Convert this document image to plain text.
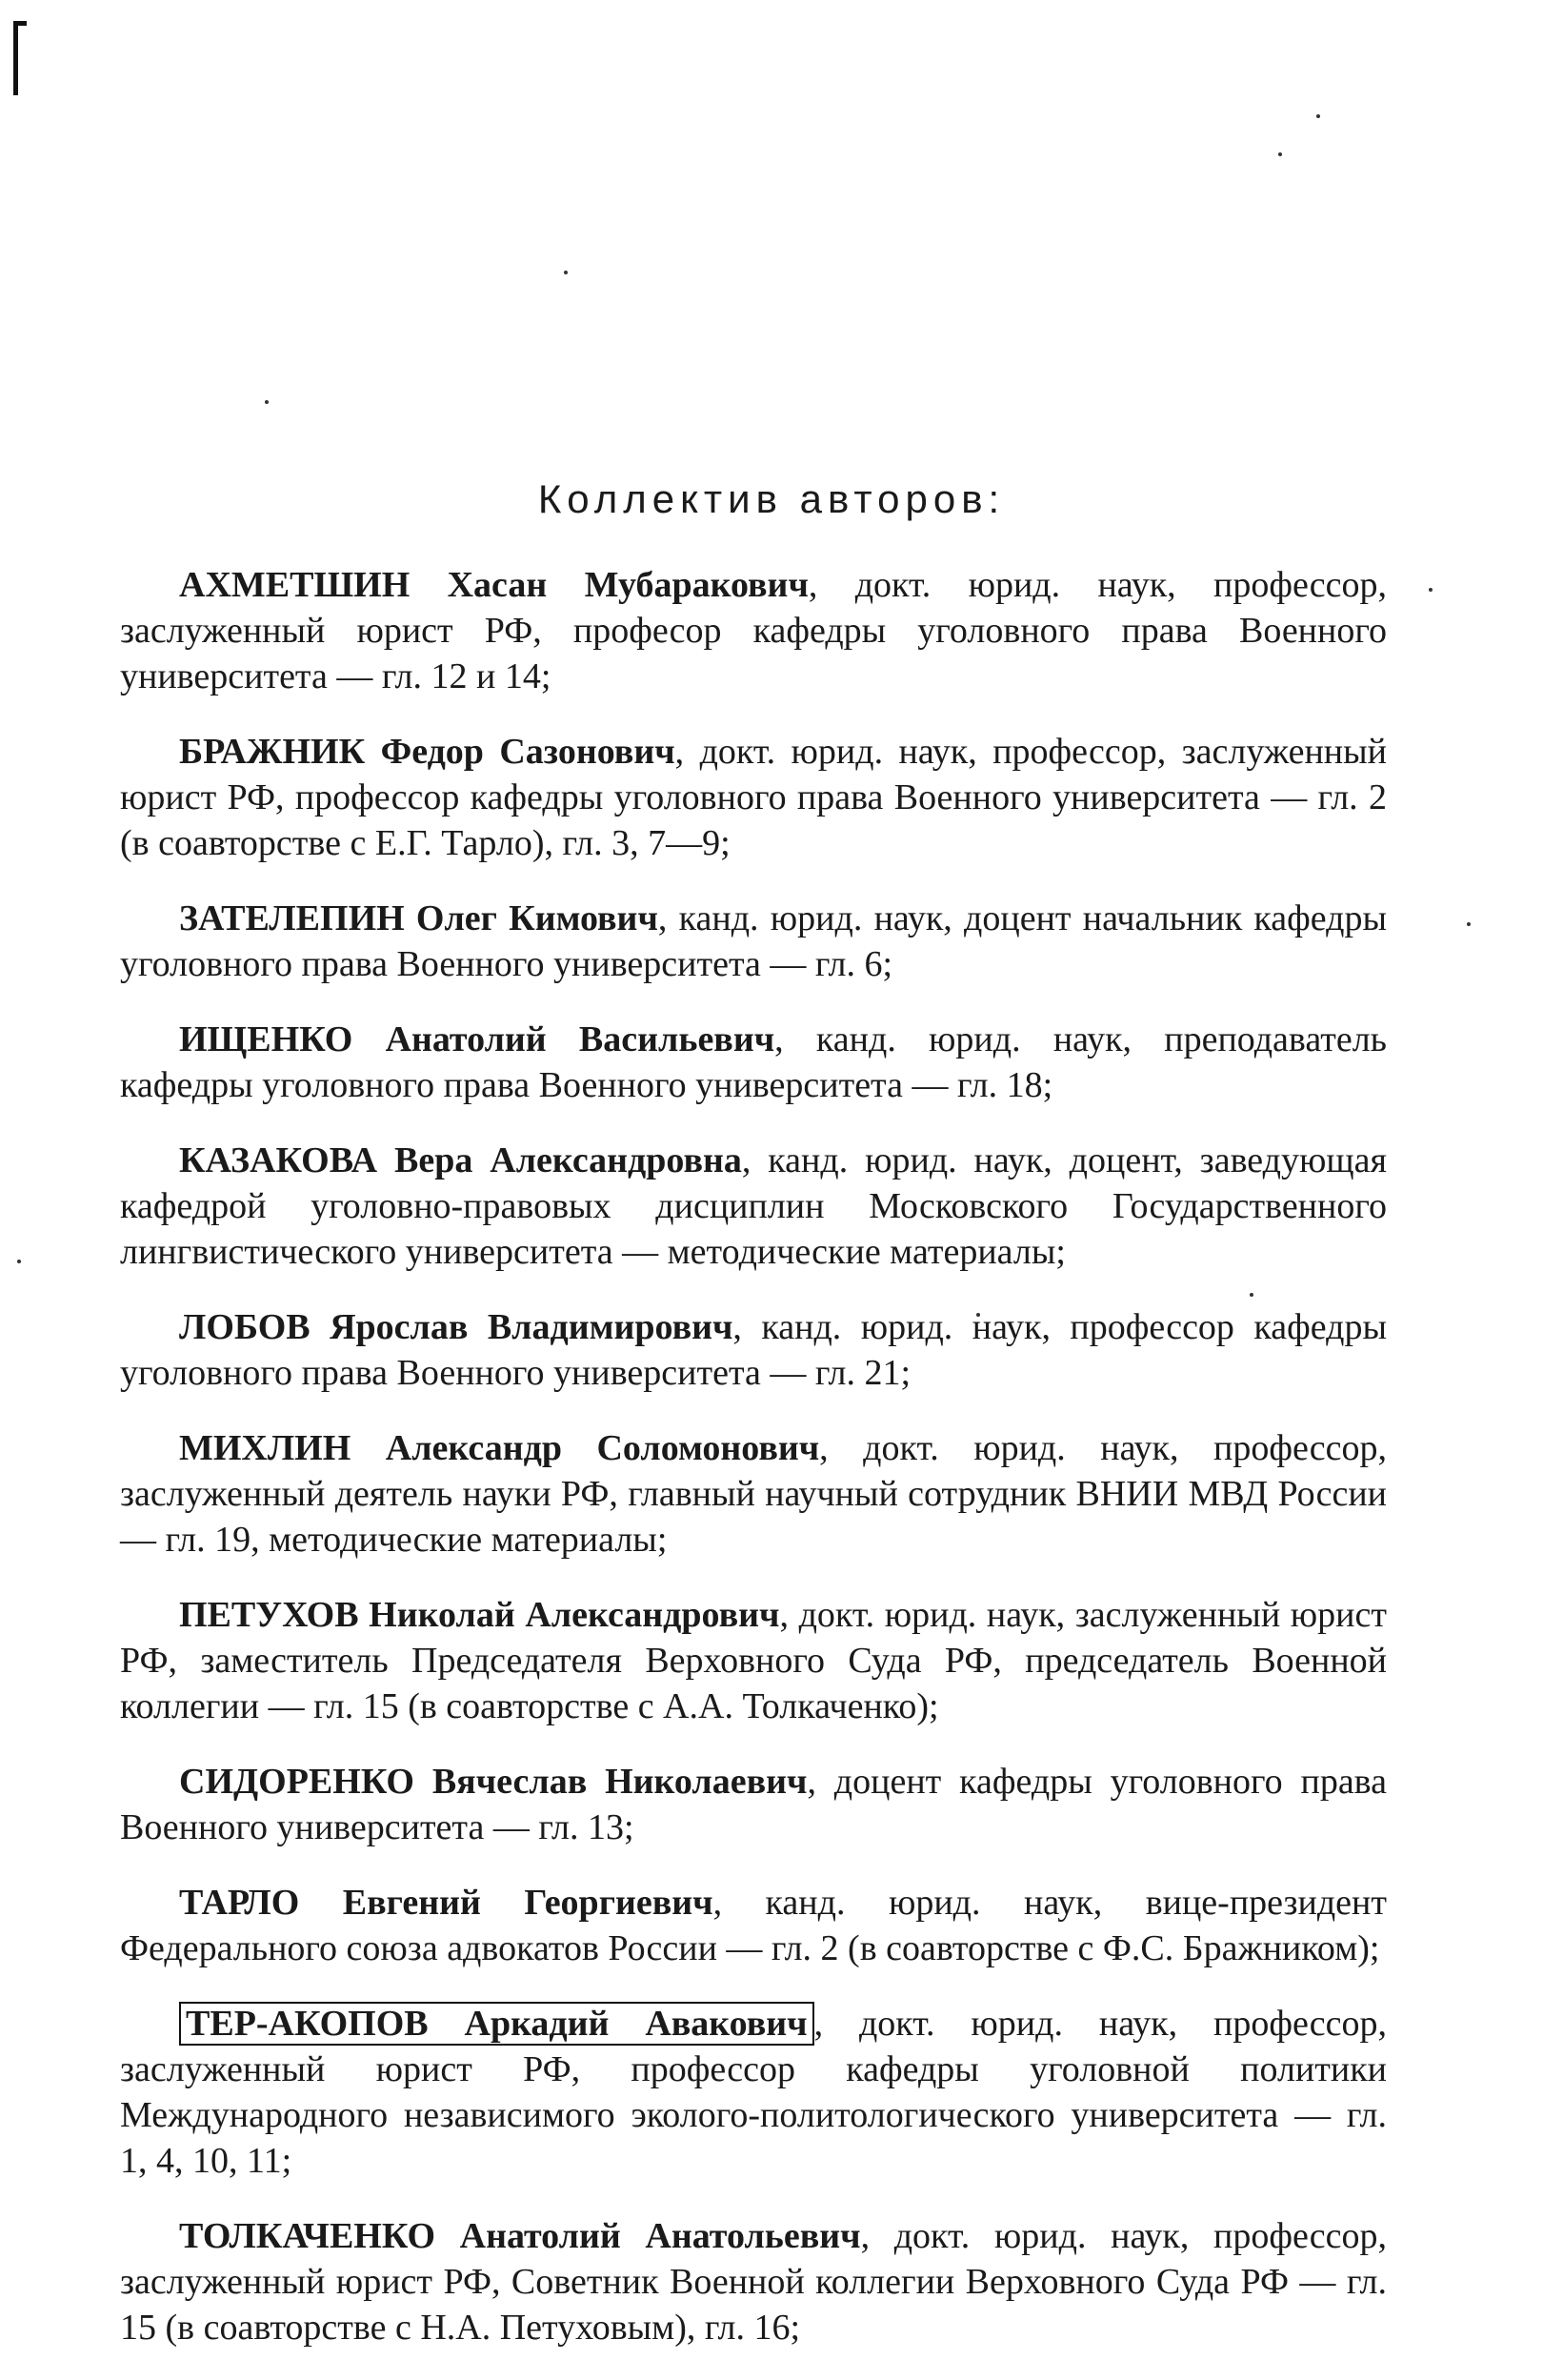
Коллектив авторов:

АХМЕТШИН Хасан Мубаракович, докт. юрид. наук, профессор, заслуженный юрист РФ, професор кафедры уголовного права Военного университета — гл. 12 и 14;

БРАЖНИК Федор Сазонович, докт. юрид. наук, профессор, заслуженный юрист РФ, профессор кафедры уголовного права Военного университета — гл. 2 (в соавторстве с Е.Г. Тарло), гл. 3, 7—9;

ЗАТЕЛЕПИН Олег Кимович, канд. юрид. наук, доцент начальник кафедры уголовного права Военного университета — гл. 6;

ИЩЕНКО Анатолий Васильевич, канд. юрид. наук, преподаватель кафедры уголовного права Военного университета — гл. 18;

КАЗАКОВА Вера Александровна, канд. юрид. наук, доцент, заведующая кафедрой уголовно-правовых дисциплин Московского Государственного лингвистического университета — методические материалы;

ЛОБОВ Ярослав Владимирович, канд. юрид. наук, профессор кафедры уголовного права Военного университета — гл. 21;

МИХЛИН Александр Соломонович, докт. юрид. наук, профессор, заслуженный деятель науки РФ, главный научный сотрудник ВНИИ МВД России — гл. 19, методические материалы;

ПЕТУХОВ Николай Александрович, докт. юрид. наук, заслуженный юрист РФ, заместитель Председателя Верховного Суда РФ, председатель Военной коллегии — гл. 15 (в соавторстве с А.А. Толкаченко);

СИДОРЕНКО Вячеслав Николаевич, доцент кафедры уголовного права Военного университета — гл. 13;

ТАРЛО Евгений Георгиевич, канд. юрид. наук, вице-президент Федерального союза адвокатов России — гл. 2 (в соавторстве с Ф.С. Бражником);

ТЕР-АКОПОВ Аркадий Авакович , докт. юрид. наук, профессор, заслуженный юрист РФ, профессор кафедры уголовной политики Международного независимого эколого-политологического университета — гл. 1, 4, 10, 11;

ТОЛКАЧЕНКО Анатолий Анатольевич, докт. юрид. наук, профессор, заслуженный юрист РФ, Советник Военной коллегии Верховного Суда РФ — гл. 15 (в соавторстве с Н.А. Петуховым), гл. 16;
